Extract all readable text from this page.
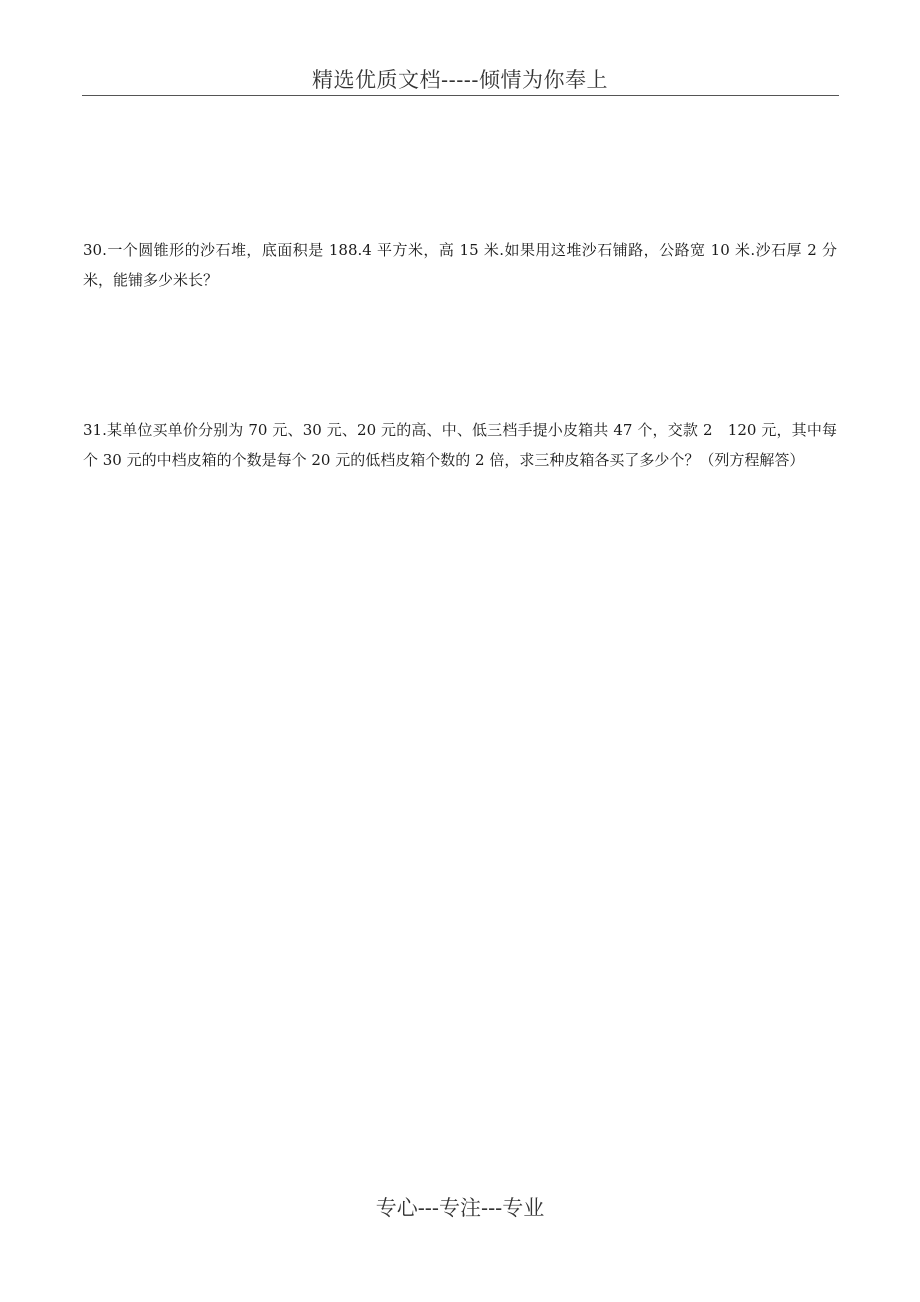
精选优质文档-----倾情为你奉上
30.一个圆锥形的沙石堆，底面积是 188.4 平方米，高 15 米.如果用这堆沙石铺路，公路宽 10 米.沙石厚 2 分米，能铺多少米长？
31.某单位买单价分别为 70 元、30 元、20 元的高、中、低三档手提小皮箱共 47 个，交款 2　120 元，其中每个 30 元的中档皮箱的个数是每个 20 元的低档皮箱个数的 2 倍，求三种皮箱各买了多少个？（列方程解答）
专心---专注---专业
